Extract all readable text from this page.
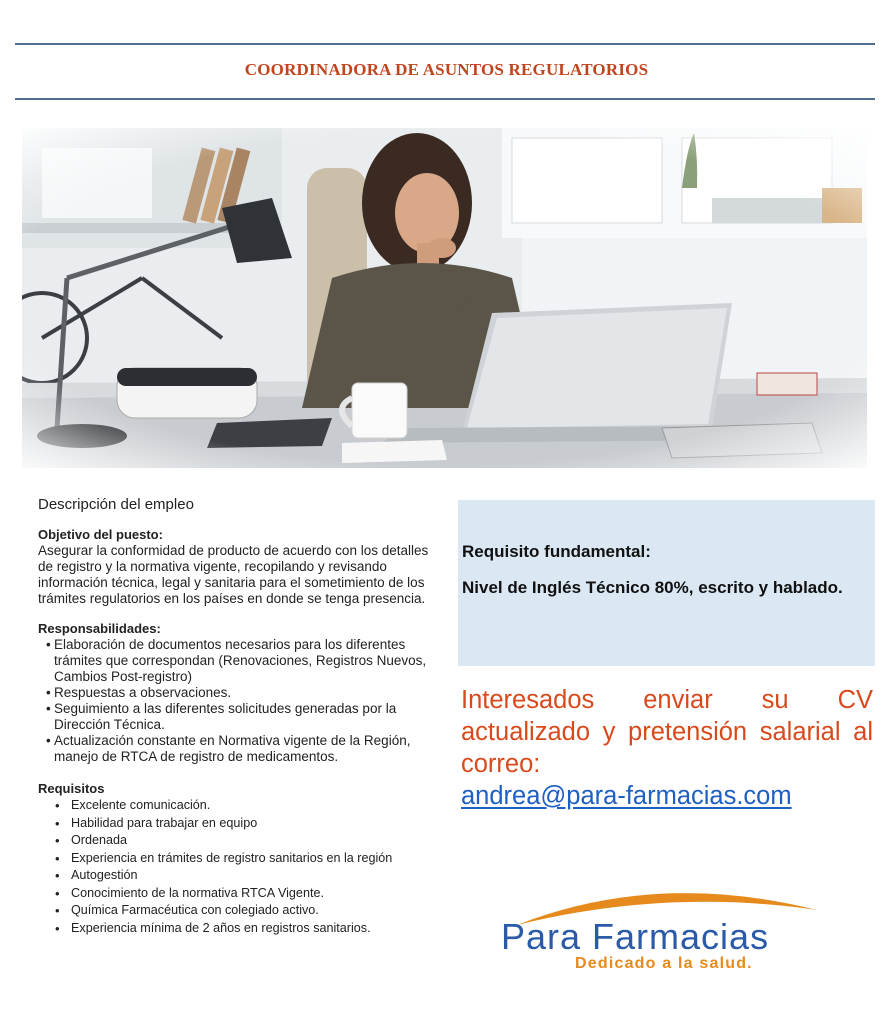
COORDINADORA DE ASUNTOS REGULATORIOS
Descripción del empleo
Objetivo del puesto:
Asegurar la conformidad de producto de acuerdo con los detalles de registro y la normativa vigente, recopilando y revisando información técnica, legal y sanitaria para el sometimiento de los trámites regulatorios en los países en donde se tenga presencia.
Responsabilidades:
• Elaboración de documentos necesarios para los diferentes trámites que correspondan (Renovaciones, Registros Nuevos, Cambios Post-registro)
• Respuestas a observaciones.
• Seguimiento a las diferentes solicitudes generadas por la Dirección Técnica.
• Actualización constante en Normativa vigente de la Región, manejo de RTCA de registro de medicamentos.
Requisitos
• Excelente comunicación.
• Habilidad para trabajar en equipo
• Ordenada
• Experiencia en trámites de registro sanitarios en la región
• Autogestión
• Conocimiento de la normativa RTCA Vigente.
• Química Farmacéutica con colegiado activo.
• Experiencia mínima de 2 años en registros sanitarios.
Requisito fundamental:
Nivel de Inglés Técnico 80%, escrito y hablado.
Interesados enviar su CV actualizado y pretensión salarial al correo:
andrea@para-farmacias.com
Para Farmacias
Dedicado a la salud.
